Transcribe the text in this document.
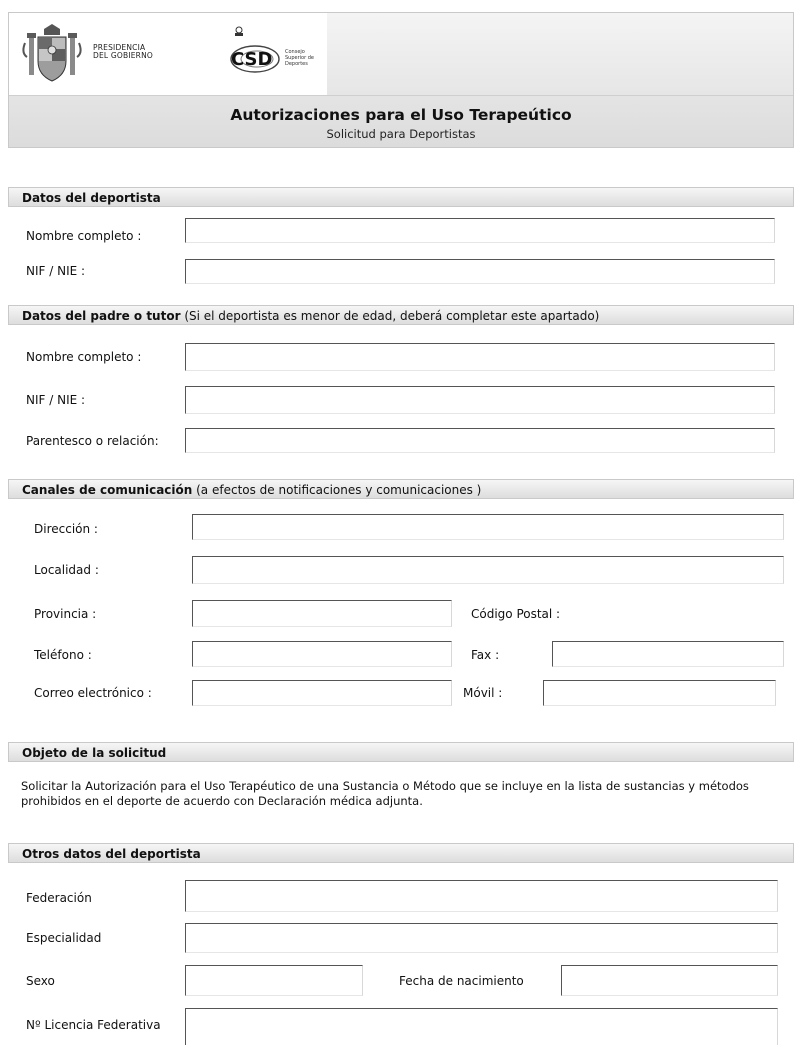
PRESIDENCIA
DEL GOBIERNO	CSD	Consejo
Superior de
Deportes
Autorizaciones para el Uso Terapeútico
Solicitud para Deportistas
Datos del deportista
Nombre completo :
NIF / NIE :
Datos del padre o tutor (Si el deportista es menor de edad, deberá completar este apartado)
Nombre completo :
NIF / NIE :
Parentesco o relación:
Canales de comunicación (a efectos de notificaciones y comunicaciones )
Dirección :
Localidad :
Provincia :	Código Postal :
Teléfono :	Fax :
Correo electrónico :	Móvil :
Objeto de la solicitud
Solicitar la Autorización para el Uso Terapéutico de una Sustancia o Método que se incluye en la lista de sustancias y métodos prohibidos en el deporte de acuerdo con Declaración médica adjunta.
Otros datos del deportista
Federación
Especialidad
Sexo	Fecha de nacimiento
Nº Licencia Federativa
